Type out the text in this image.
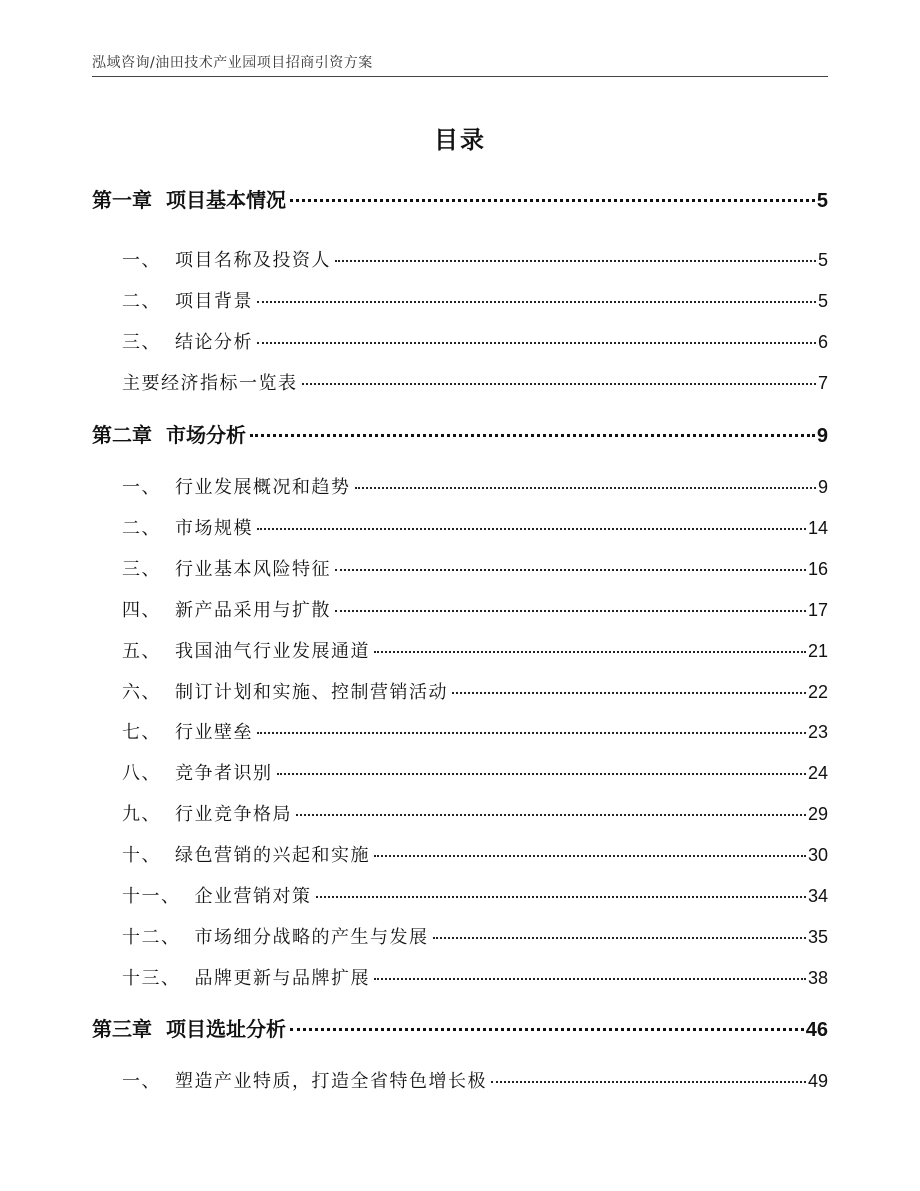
泓域咨询/油田技术产业园项目招商引资方案
目录
第一章 项目基本情况	5
一、 项目名称及投资人	5
二、 项目背景	5
三、 结论分析	6
主要经济指标一览表	7
第二章 市场分析	9
一、 行业发展概况和趋势	9
二、 市场规模	14
三、 行业基本风险特征	16
四、 新产品采用与扩散	17
五、 我国油气行业发展通道	21
六、 制订计划和实施、控制营销活动	22
七、 行业壁垒	23
八、 竞争者识别	24
九、 行业竞争格局	29
十、 绿色营销的兴起和实施	30
十一、 企业营销对策	34
十二、 市场细分战略的产生与发展	35
十三、 品牌更新与品牌扩展	38
第三章 项目选址分析	46
一、 塑造产业特质，打造全省特色增长极	49
